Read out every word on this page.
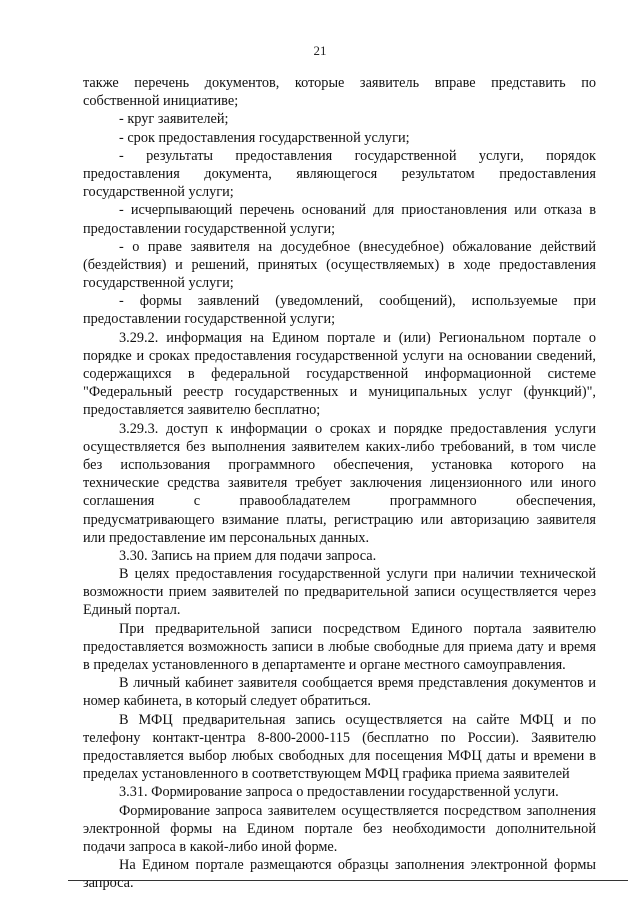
21
также перечень документов, которые заявитель вправе представить по
собственной инициативе;
- круг заявителей;
- срок предоставления государственной услуги;
- результаты предоставления государственной услуги, порядок
предоставления документа, являющегося результатом предоставления
государственной услуги;
- исчерпывающий перечень оснований для приостановления или отказа в
предоставлении государственной услуги;
- о праве заявителя на досудебное (внесудебное) обжалование действий
(бездействия) и решений, принятых (осуществляемых) в ходе предоставления
государственной услуги;
- формы заявлений (уведомлений, сообщений), используемые при
предоставлении государственной услуги;
3.29.2. информация на Едином портале и (или) Региональном портале о
порядке и сроках предоставления государственной услуги на основании сведений,
содержащихся в федеральной государственной информационной системе
"Федеральный реестр государственных и муниципальных услуг (функций)",
предоставляется заявителю бесплатно;
3.29.3. доступ к информации о сроках и порядке предоставления услуги
осуществляется без выполнения заявителем каких-либо требований, в том числе
без использования программного обеспечения, установка которого на
технические средства заявителя требует заключения лицензионного или иного
соглашения с правообладателем программного обеспечения,
предусматривающего взимание платы, регистрацию или авторизацию заявителя
или предоставление им персональных данных.
3.30. Запись на прием для подачи запроса.
В целях предоставления государственной услуги при наличии технической
возможности прием заявителей по предварительной записи осуществляется через
Единый портал.
При предварительной записи посредством Единого портала заявителю
предоставляется возможность записи в любые свободные для приема дату и время
в пределах установленного в департаменте и органе местного самоуправления.
В личный кабинет заявителя сообщается время представления документов и
номер кабинета, в который следует обратиться.
В МФЦ предварительная запись осуществляется на сайте МФЦ и по
телефону контакт-центра 8-800-2000-115 (бесплатно по России). Заявителю
предоставляется выбор любых свободных для посещения МФЦ даты и времени в
пределах установленного в соответствующем МФЦ графика приема заявителей
3.31. Формирование запроса о предоставлении государственной услуги.
Формирование запроса заявителем осуществляется посредством заполнения
электронной формы на Едином портале без необходимости дополнительной
подачи запроса в какой-либо иной форме.
На Едином портале размещаются образцы заполнения электронной формы
запроса.
